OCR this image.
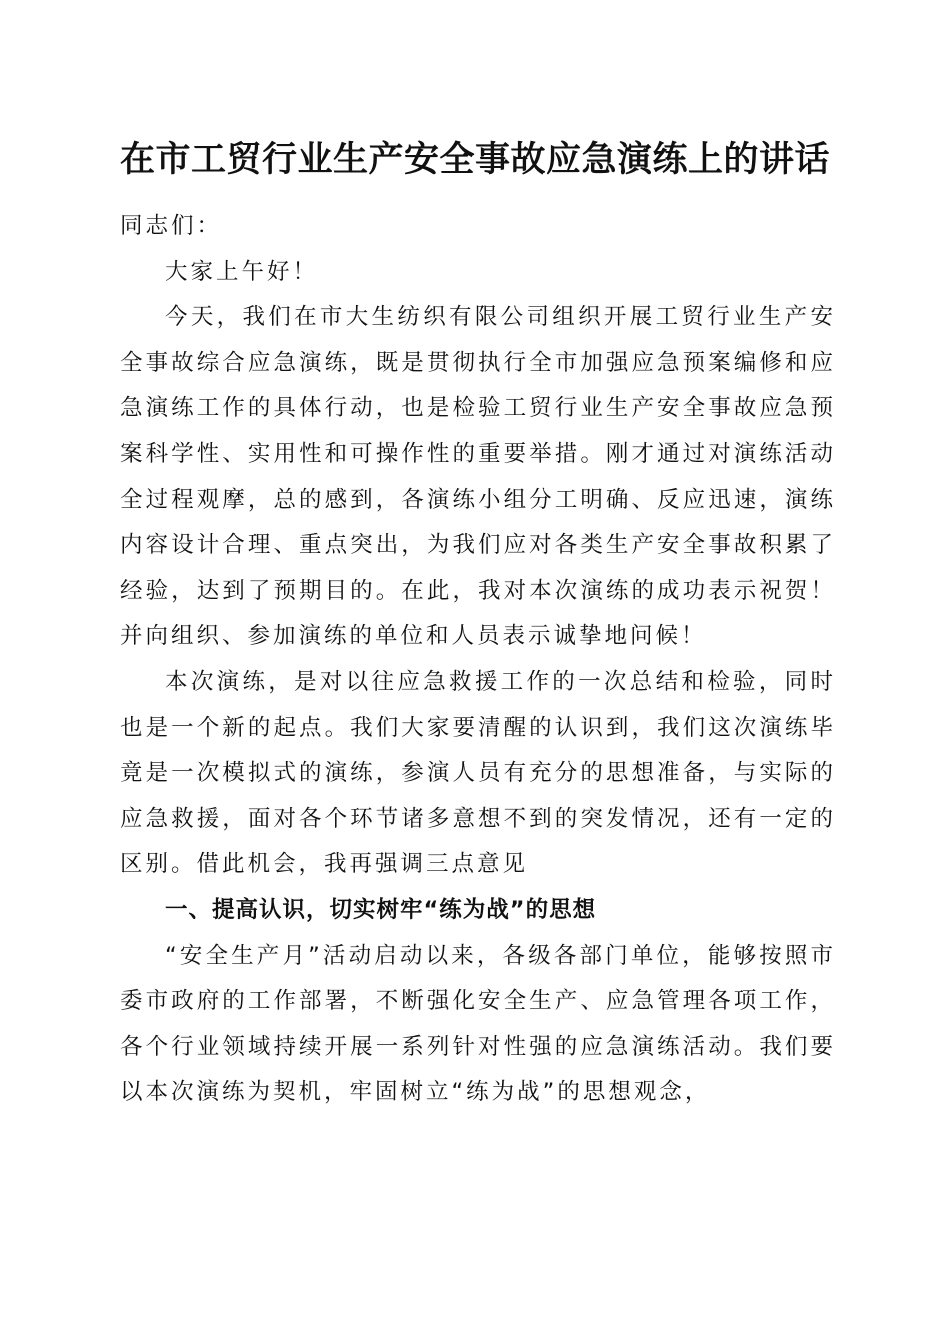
在市工贸行业生产安全事故应急演练上的讲话

同志们：

大家上午好！

今天，我们在市大生纺织有限公司组织开展工贸行业生产安全事故综合应急演练，既是贯彻执行全市加强应急预案编修和应急演练工作的具体行动，也是检验工贸行业生产安全事故应急预案科学性、实用性和可操作性的重要举措。刚才通过对演练活动全过程观摩，总的感到，各演练小组分工明确、反应迅速，演练内容设计合理、重点突出，为我们应对各类生产安全事故积累了经验，达到了预期目的。在此，我对本次演练的成功表示祝贺！并向组织、参加演练的单位和人员表示诚挚地问候！

本次演练，是对以往应急救援工作的一次总结和检验，同时也是一个新的起点。我们大家要清醒的认识到，我们这次演练毕竟是一次模拟式的演练，参演人员有充分的思想准备，与实际的应急救援，面对各个环节诸多意想不到的突发情况，还有一定的区别。借此机会，我再强调三点意见

一、提高认识，切实树牢“练为战”的思想

“安全生产月”活动启动以来，各级各部门单位，能够按照市委市政府的工作部署，不断强化安全生产、应急管理各项工作，各个行业领域持续开展一系列针对性强的应急演练活动。我们要以本次演练为契机，牢固树立“练为战”的思想观念，
